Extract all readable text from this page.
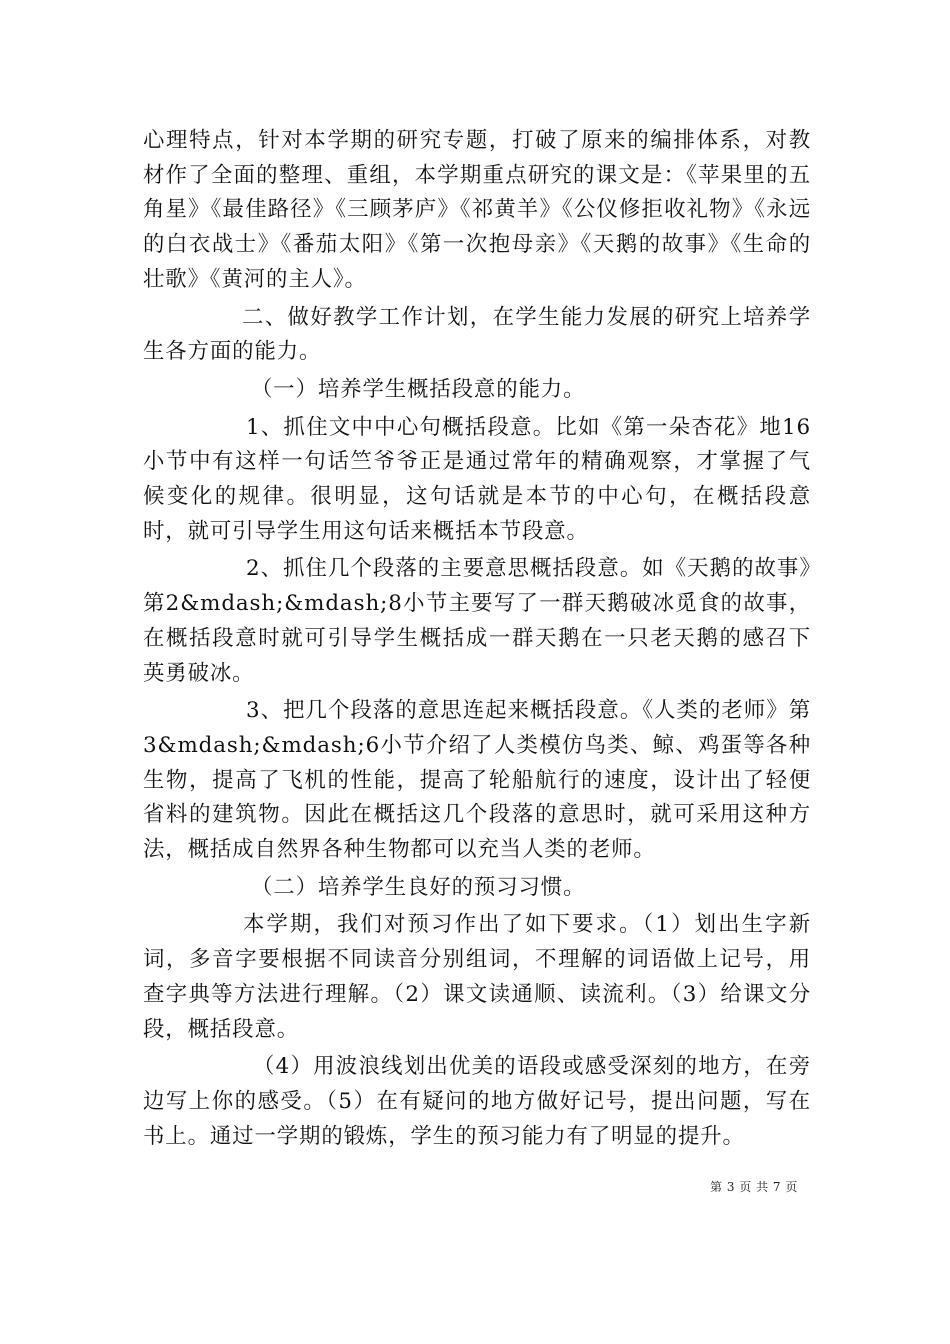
心理特点，针对本学期的研究专题，打破了原来的编排体系，对教材作了全面的整理、重组，本学期重点研究的课文是：《苹果里的五角星》《最佳路径》《三顾茅庐》《祁黄羊》《公仪修拒收礼物》《永远的白衣战士》《番茄太阳》《第一次抱母亲》《天鹅的故事》《生命的壮歌》《黄河的主人》。

二、做好教学工作计划，在学生能力发展的研究上培养学生各方面的能力。

（一）培养学生概括段意的能力。

1、抓住文中中心句概括段意。比如《第一朵杏花》地16小节中有这样一句话竺爷爷正是通过常年的精确观察，才掌握了气候变化的规律。很明显，这句话就是本节的中心句，在概括段意时，就可引导学生用这句话来概括本节段意。

2、抓住几个段落的主要意思概括段意。如《天鹅的故事》第2&mdash;&mdash;8小节主要写了一群天鹅破冰觅食的故事，在概括段意时就可引导学生概括成一群天鹅在一只老天鹅的感召下英勇破冰。

3、把几个段落的意思连起来概括段意。《人类的老师》第3&mdash;&mdash;6小节介绍了人类模仿鸟类、鲸、鸡蛋等各种生物，提高了飞机的性能，提高了轮船航行的速度，设计出了轻便省料的建筑物。因此在概括这几个段落的意思时，就可采用这种方法，概括成自然界各种生物都可以充当人类的老师。

（二）培养学生良好的预习习惯。

本学期，我们对预习作出了如下要求。（1）划出生字新词，多音字要根据不同读音分别组词，不理解的词语做上记号，用查字典等方法进行理解。（2）课文读通顺、读流利。（3）给课文分段，概括段意。

（4）用波浪线划出优美的语段或感受深刻的地方，在旁边写上你的感受。（5）在有疑问的地方做好记号，提出问题，写在书上。通过一学期的锻炼，学生的预习能力有了明显的提升。

第 3 页 共 7 页
